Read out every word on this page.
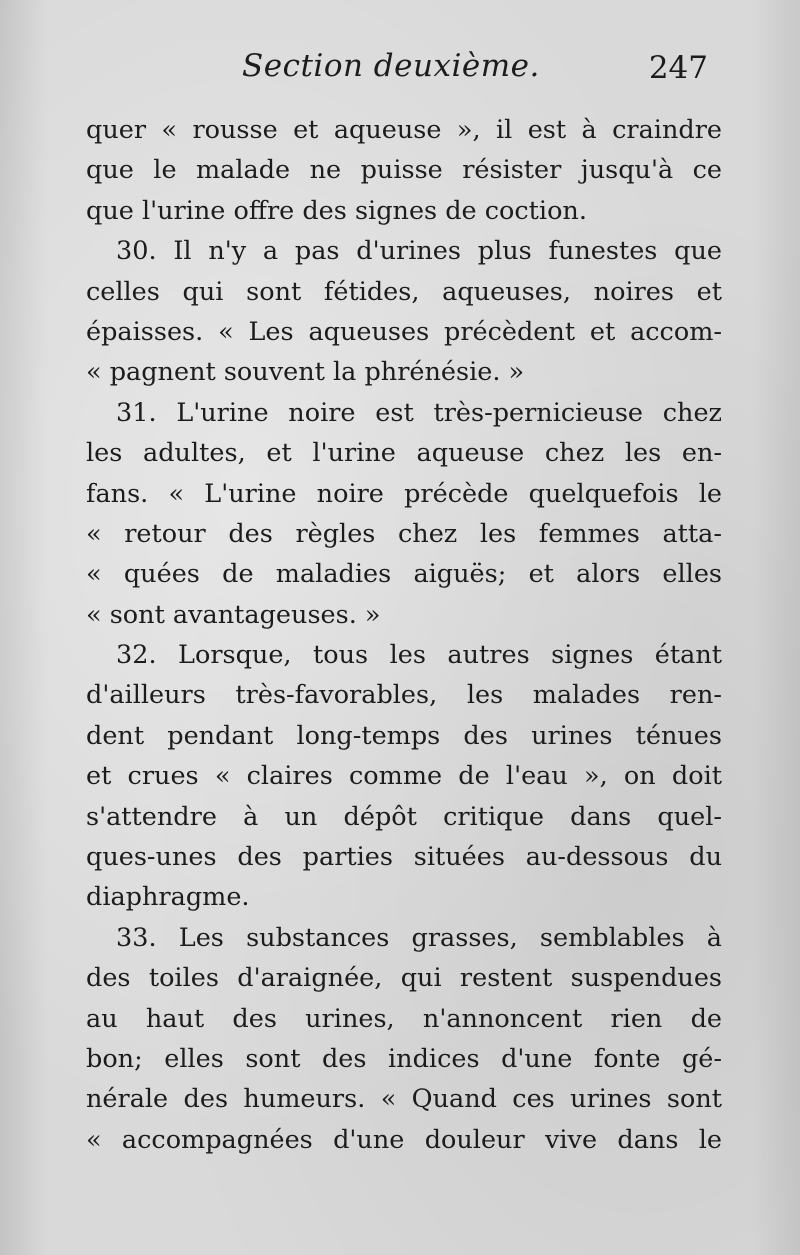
Section deuxième.	247
quer « rousse et aqueuse », il est à craindre
que le malade ne puisse résister jusqu'à ce
que l'urine offre des signes de coction.
30. Il n'y a pas d'urines plus funestes que
celles qui sont fétides, aqueuses, noires et
épaisses. « Les aqueuses précèdent et accom-
« pagnent souvent la phrénésie. »
31. L'urine noire est très-pernicieuse chez
les adultes, et l'urine aqueuse chez les en-
fans. « L'urine noire précède quelquefois le
« retour des règles chez les femmes atta-
« quées de maladies aiguës; et alors elles
« sont avantageuses. »
32. Lorsque, tous les autres signes étant
d'ailleurs très-favorables, les malades ren-
dent pendant long-temps des urines ténues
et crues « claires comme de l'eau », on doit
s'attendre à un dépôt critique dans quel-
ques-unes des parties situées au-dessous du
diaphragme.
33. Les substances grasses, semblables à
des toiles d'araignée, qui restent suspendues
au haut des urines, n'annoncent rien de
bon; elles sont des indices d'une fonte gé-
nérale des humeurs. « Quand ces urines sont
« accompagnées d'une douleur vive dans le
